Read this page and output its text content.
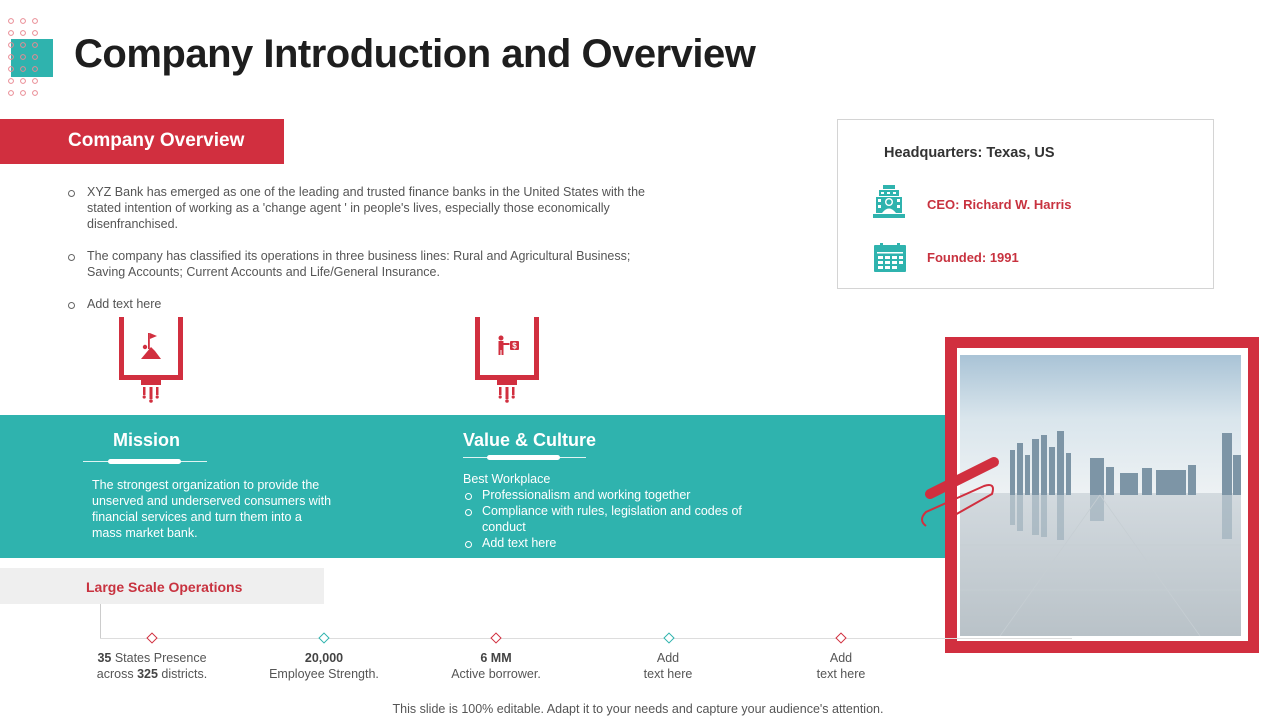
Company Introduction and Overview
Company Overview
XYZ Bank has emerged as one of the leading and trusted finance banks in the United States with the stated intention of working as a 'change agent ' in people's lives, especially those economically disenfranchised.
The company has classified its operations in three business lines: Rural and Agricultural Business; Saving Accounts; Current Accounts and Life/General Insurance.
Add text here
Headquarters: Texas, US
CEO: Richard W. Harris
Founded: 1991
$
Mission
The strongest organization to provide the unserved and underserved consumers with financial services and turn them into a mass market bank.
Value & Culture
Best Workplace
Professionalism and working together
Compliance with rules, legislation and codes of conduct
Add text here
Large Scale Operations
35 States Presence
across 325 districts.
20,000
Employee Strength.
6 MM
Active borrower.
Add
text here
Add
text here
This slide is 100% editable. Adapt it to your needs and capture your audience's attention.
